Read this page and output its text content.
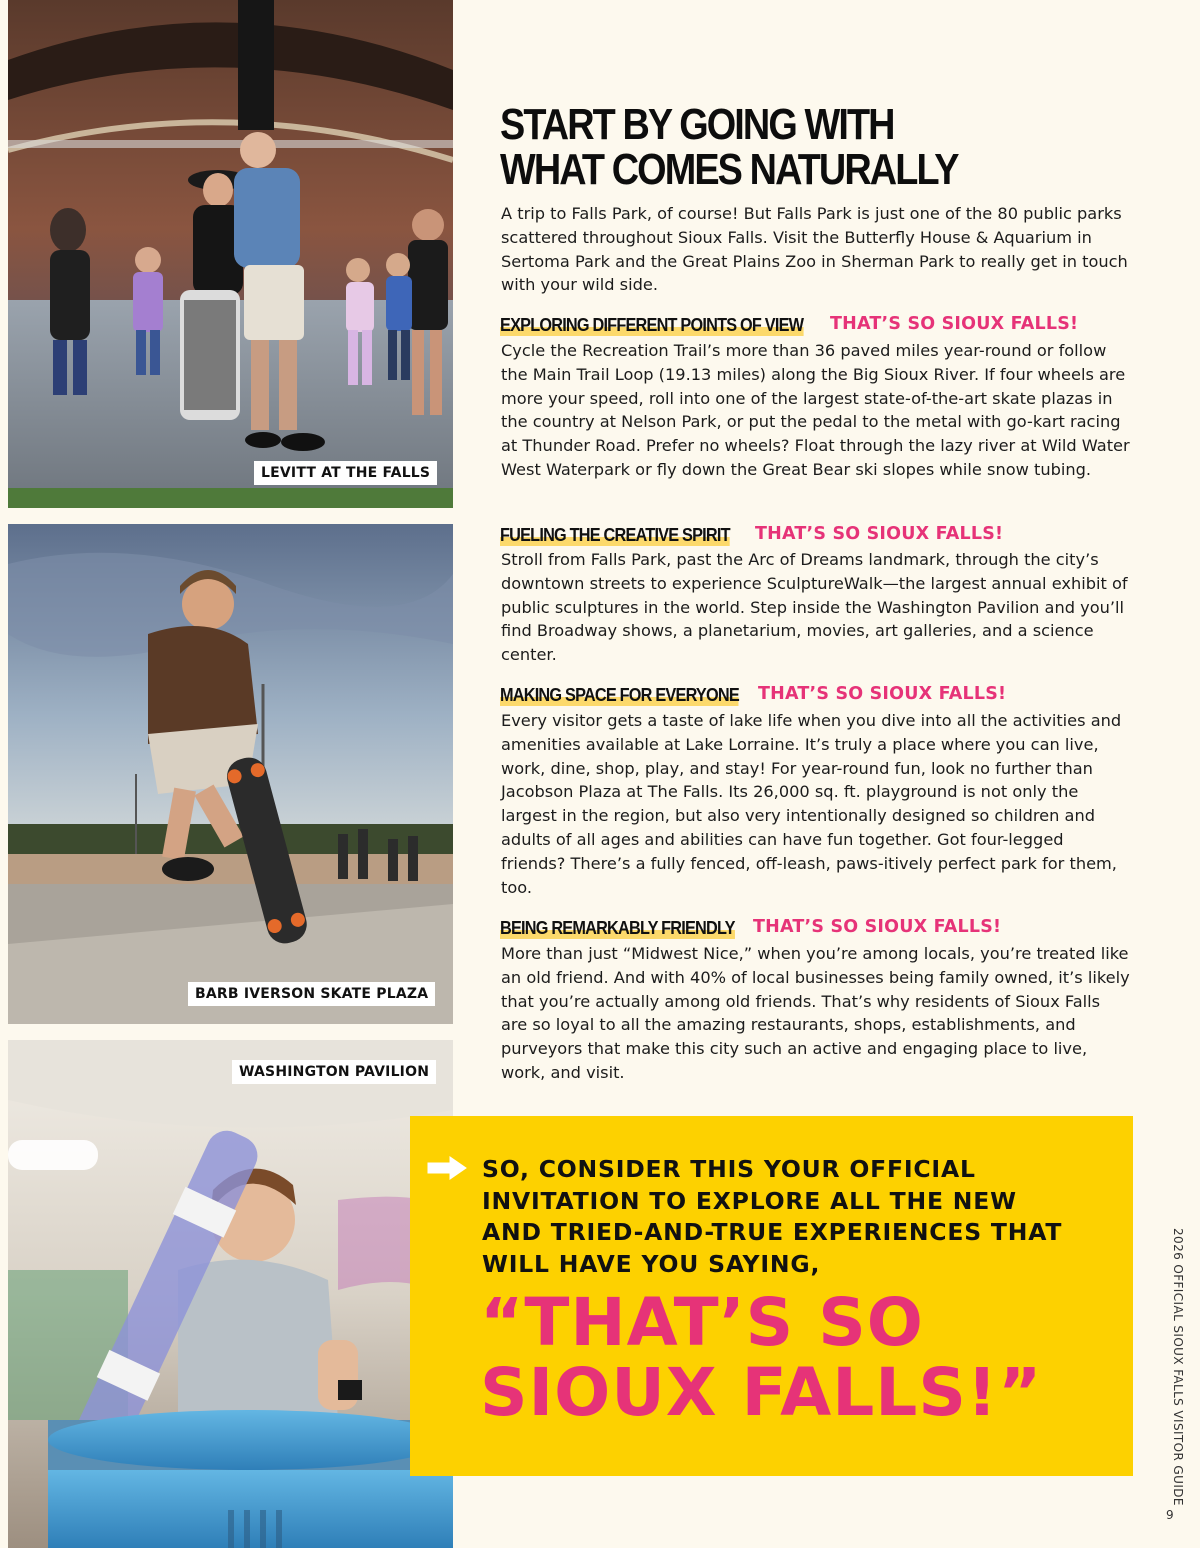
LEVITT AT THE FALLS
BARB IVERSON SKATE PLAZA
WASHINGTON PAVILION
START BY GOING WITH
WHAT COMES NATURALLY

A trip to Falls Park, of course! But Falls Park is just one of the 80 public parks scattered throughout Sioux Falls. Visit the Butterfly House & Aquarium in Sertoma Park and the Great Plains Zoo in Sherman Park to really get in touch with your wild side.

EXPLORING DIFFERENT POINTS OF VIEW THAT’S SO SIOUX FALLS!

Cycle the Recreation Trail’s more than 36 paved miles year-round or follow the Main Trail Loop (19.13 miles) along the Big Sioux River. If four wheels are more your speed, roll into one of the largest state-of-the-art skate plazas in the country at Nelson Park, or put the pedal to the metal with go-kart racing at Thunder Road. Prefer no wheels? Float through the lazy river at Wild Water West Waterpark or fly down the Great Bear ski slopes while snow tubing.

FUELING THE CREATIVE SPIRIT THAT’S SO SIOUX FALLS!

Stroll from Falls Park, past the Arc of Dreams landmark, through the city’s downtown streets to experience SculptureWalk—the largest annual exhibit of public sculptures in the world. Step inside the Washington Pavilion and you’ll find Broadway shows, a planetarium, movies, art galleries, and a science center.

MAKING SPACE FOR EVERYONE THAT’S SO SIOUX FALLS!

Every visitor gets a taste of lake life when you dive into all the activities and amenities available at Lake Lorraine. It’s truly a place where you can live, work, dine, shop, play, and stay! For year-round fun, look no further than Jacobson Plaza at The Falls. Its 26,000 sq. ft. playground is not only the largest in the region, but also very intentionally designed so children and adults of all ages and abilities can have fun together. Got four-legged friends? There’s a fully fenced, off-leash, paws-itively perfect park for them, too.

BEING REMARKABLY FRIENDLY THAT’S SO SIOUX FALLS!

More than just “Midwest Nice,” when you’re among locals, you’re treated like an old friend. And with 40% of local businesses being family owned, it’s likely that you’re actually among old friends. That’s why residents of Sioux Falls are so loyal to all the amazing restaurants, shops, establishments, and purveyors that make this city such an active and engaging place to live, work, and visit.

SO, CONSIDER THIS YOUR OFFICIAL INVITATION TO EXPLORE ALL THE NEW AND TRIED-AND-TRUE EXPERIENCES THAT WILL HAVE YOU SAYING,

“THAT’S SO
SIOUX FALLS!”	2026 OFFICIAL SIOUX FALLS VISITOR GUIDE
9
